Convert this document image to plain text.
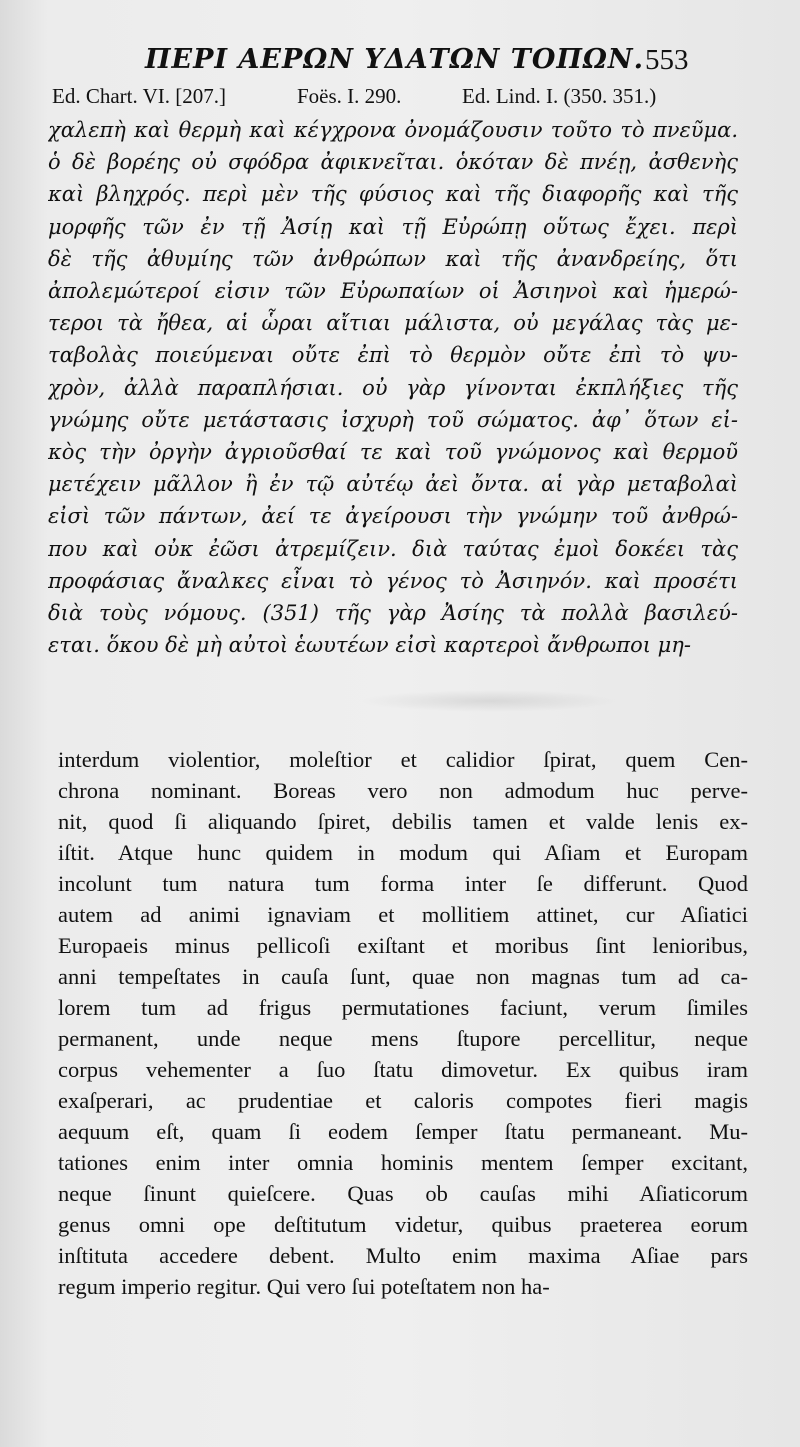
ΠΕΡΙ ΑΕΡΩΝ ΥΔΑΤΩΝ ΤΟΠΩΝ. 553
Ed. Chart. VI. [207.]	Foës. I. 290.	Ed. Lind. I. (350. 351.)
χαλεπὴ καὶ θερμὴ καὶ κέγχρονα ὀνομάζουσιν τοῦτο τὸ πνεῦμα.
ὁ δὲ βορέης οὐ σφόδρα ἀφικνεῖται. ὁκόταν δὲ πνέῃ, ἀσθενὴς
καὶ βληχρός. περὶ μὲν τῆς φύσιος καὶ τῆς διαφορῆς καὶ τῆς
μορφῆς τῶν ἐν τῇ Ἀσίῃ καὶ τῇ Εὐρώπῃ οὕτως ἔχει. περὶ
δὲ τῆς ἀθυμίης τῶν ἀνθρώπων καὶ τῆς ἀνανδρείης, ὅτι
ἀπολεμώτεροί εἰσιν τῶν Εὐρωπαίων οἱ Ἀσιηνοὶ καὶ ἡμερώ-
τεροι τὰ ἤθεα, αἱ ὧραι αἴτιαι μάλιστα, οὐ μεγάλας τὰς με-
ταβολὰς ποιεύμεναι οὔτε ἐπὶ τὸ θερμὸν οὔτε ἐπὶ τὸ ψυ-
χρὸν, ἀλλὰ παραπλήσιαι. οὐ γὰρ γίνονται ἐκπλήξιες τῆς
γνώμης οὔτε μετάστασις ἰσχυρὴ τοῦ σώματος. ἀφ᾽ ὅτων εἰ-
κὸς τὴν ὀργὴν ἀγριοῦσθαί τε καὶ τοῦ γνώμονος καὶ θερμοῦ
μετέχειν μᾶλλον ἢ ἐν τῷ αὐτέῳ ἀεὶ ὄντα. αἱ γὰρ μεταβολαὶ
εἰσὶ τῶν πάντων, ἀεί τε ἀγείρουσι τὴν γνώμην τοῦ ἀνθρώ-
που καὶ οὐκ ἐῶσι ἀτρεμίζειν. διὰ ταύτας ἐμοὶ δοκέει τὰς
προφάσιας ἄναλκες εἶναι τὸ γένος τὸ Ἀσιηνόν. καὶ προσέτι
διὰ τοὺς νόμους. (351) τῆς γὰρ Ἀσίης τὰ πολλὰ βασιλεύ-
εται. ὅκου δὲ μὴ αὐτοὶ ἑωυτέων εἰσὶ καρτεροὶ ἄνθρωποι μη-
interdum violentior, moleſtior et calidior ſpirat, quem Cen-
chrona nominant. Boreas vero non admodum huc perve-
nit, quod ſi aliquando ſpiret, debilis tamen et valde lenis ex-
iſtit. Atque hunc quidem in modum qui Aſiam et Europam
incolunt tum natura tum forma inter ſe differunt. Quod
autem ad animi ignaviam et mollitiem attinet, cur Aſiatici
Europaeis minus pellicoſi exiſtant et moribus ſint lenioribus,
anni tempeſtates in cauſa ſunt, quae non magnas tum ad ca-
lorem tum ad frigus permutationes faciunt, verum ſimiles
permanent, unde neque mens ſtupore percellitur, neque
corpus vehementer a ſuo ſtatu dimovetur. Ex quibus iram
exaſperari, ac prudentiae et caloris compotes fieri magis
aequum eſt, quam ſi eodem ſemper ſtatu permaneant. Mu-
tationes enim inter omnia hominis mentem ſemper excitant,
neque ſinunt quieſcere. Quas ob cauſas mihi Aſiaticorum
genus omni ope deſtitutum videtur, quibus praeterea eorum
inſtituta accedere debent. Multo enim maxima Aſiae pars
regum imperio regitur. Qui vero ſui poteſtatem non ha-
